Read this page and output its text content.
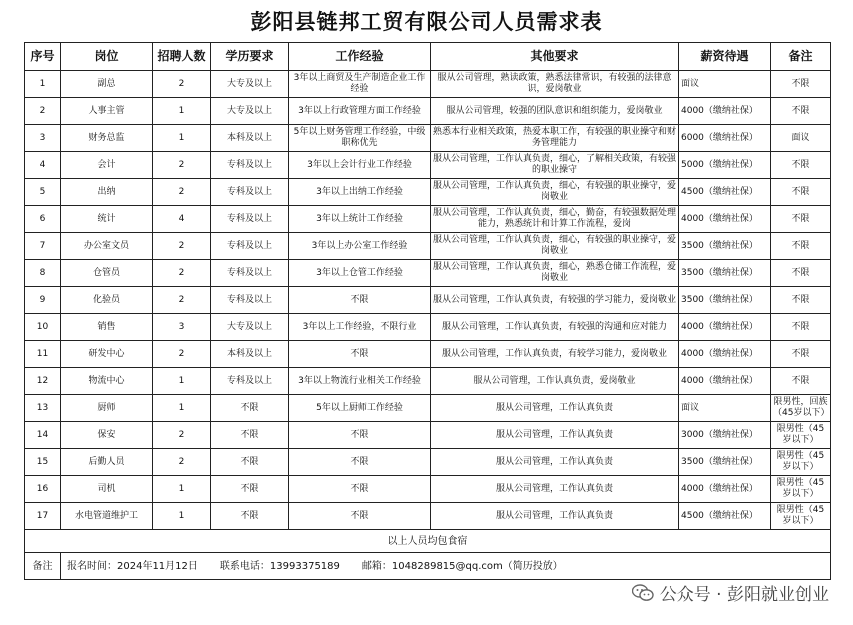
彭阳县链邦工贸有限公司人员需求表
序号	岗位	招聘人数	学历要求	工作经验	其他要求	薪资待遇	备注
1	副总	2	大专及以上	3年以上商贸及生产制造企业工作经验	服从公司管理，熟读政策，熟悉法律常识，有较强的法律意识，爱岗敬业	面议	不限
2	人事主管	1	大专及以上	3年以上行政管理方面工作经验	服从公司管理，较强的团队意识和组织能力，爱岗敬业	4000（缴纳社保）	不限
3	财务总监	1	本科及以上	5年以上财务管理工作经验，中级职称优先	熟悉本行业相关政策，热爱本职工作，有较强的职业操守和财务管理能力	6000（缴纳社保）	面议
4	会计	2	专科及以上	3年以上会计行业工作经验	服从公司管理，工作认真负责，细心，了解相关政策，有较强的职业操守	5000（缴纳社保）	不限
5	出纳	2	专科及以上	3年以上出纳工作经验	服从公司管理，工作认真负责，细心，有较强的职业操守，爱岗敬业	4500（缴纳社保）	不限
6	统计	4	专科及以上	3年以上统计工作经验	服从公司管理，工作认真负责，细心，勤奋，有较强数据处理能力，熟悉统计和计算工作流程，爱岗	4000（缴纳社保）	不限
7	办公室文员	2	专科及以上	3年以上办公室工作经验	服从公司管理，工作认真负责，细心，有较强的职业操守，爱岗敬业	3500（缴纳社保）	不限
8	仓管员	2	专科及以上	3年以上仓管工作经验	服从公司管理，工作认真负责，细心，熟悉仓储工作流程，爱岗敬业	3500（缴纳社保）	不限
9	化验员	2	专科及以上	不限	服从公司管理，工作认真负责，有较强的学习能力，爱岗敬业	3500（缴纳社保）	不限
10	销售	3	大专及以上	3年以上工作经验，不限行业	服从公司管理，工作认真负责，有较强的沟通和应对能力	4000（缴纳社保）	不限
11	研发中心	2	本科及以上	不限	服从公司管理，工作认真负责，有较学习能力，爱岗敬业	4000（缴纳社保）	不限
12	物流中心	1	专科及以上	3年以上物流行业相关工作经验	服从公司管理，工作认真负责，爱岗敬业	4000（缴纳社保）	不限
13	厨师	1	不限	5年以上厨师工作经验	服从公司管理，工作认真负责	面议	限男性，回族（45岁以下）
14	保安	2	不限	不限	服从公司管理，工作认真负责	3000（缴纳社保）	限男性（45岁以下）
15	后勤人员	2	不限	不限	服从公司管理，工作认真负责	3500（缴纳社保）	限男性（45岁以下）
16	司机	1	不限	不限	服从公司管理，工作认真负责	4000（缴纳社保）	限男性（45岁以下）
17	水电管道维护工	1	不限	不限	服从公司管理，工作认真负责	4500（缴纳社保）	限男性（45岁以下）
以上人员均包食宿							
备注	报名时间：2024年11月12日 联系电话：13993375189 邮箱：1048289815@qq.com（简历投放）						
公众号 · 彭阳就业创业
